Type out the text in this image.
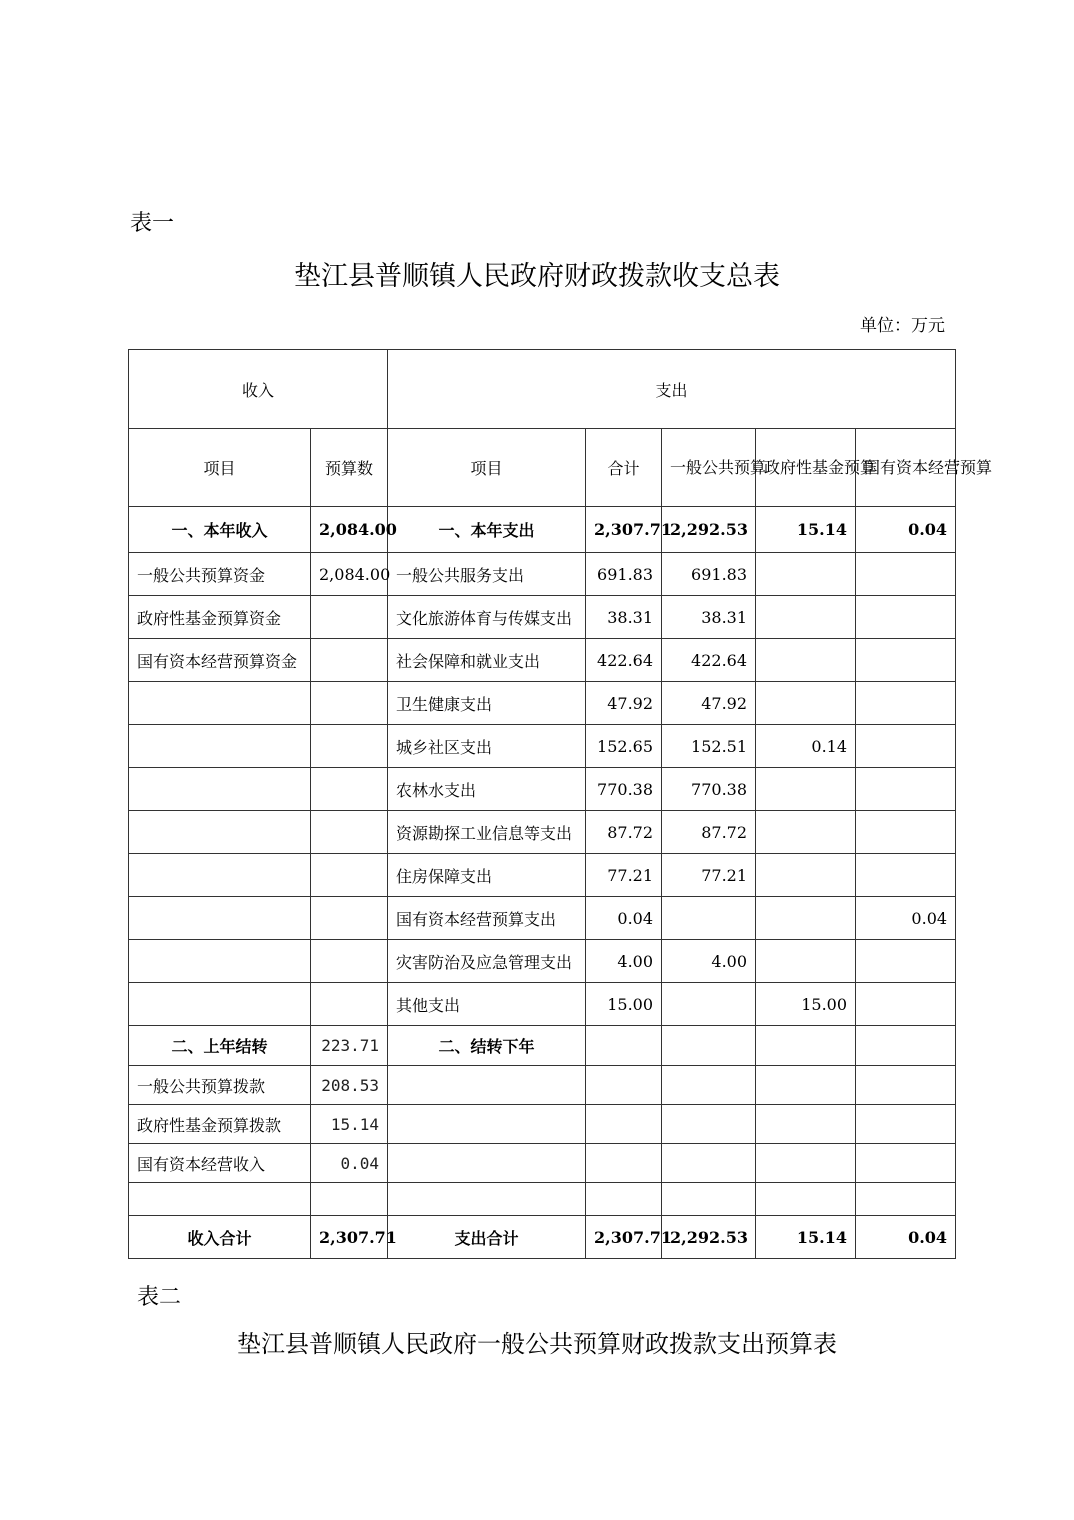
表一
垫江县普顺镇人民政府财政拨款收支总表
单位：万元
收入		支出				
项目	预算数	项目	合计	一般公共预算	政府性基金预算	国有资本经营预算
一、本年收入	2,084.00	一、本年支出	2,307.71	2,292.53	15.14	0.04
一般公共预算资金	2,084.00	一般公共服务支出	691.83	691.83		
政府性基金预算资金		文化旅游体育与传媒支出	38.31	38.31		
国有资本经营预算资金		社会保障和就业支出	422.64	422.64		
		卫生健康支出	47.92	47.92		
		城乡社区支出	152.65	152.51	0.14	
		农林水支出	770.38	770.38		
		资源勘探工业信息等支出	87.72	87.72		
		住房保障支出	77.21	77.21		
		国有资本经营预算支出	0.04			0.04
		灾害防治及应急管理支出	4.00	4.00		
		其他支出	15.00		15.00	
二、上年结转	223.71	二、结转下年				
一般公共预算拨款	208.53					
政府性基金预算拨款	15.14					
国有资本经营收入	0.04					

收入合计	2,307.71	支出合计	2,307.71	2,292.53	15.14	0.04
表二
垫江县普顺镇人民政府一般公共预算财政拨款支出预算表
